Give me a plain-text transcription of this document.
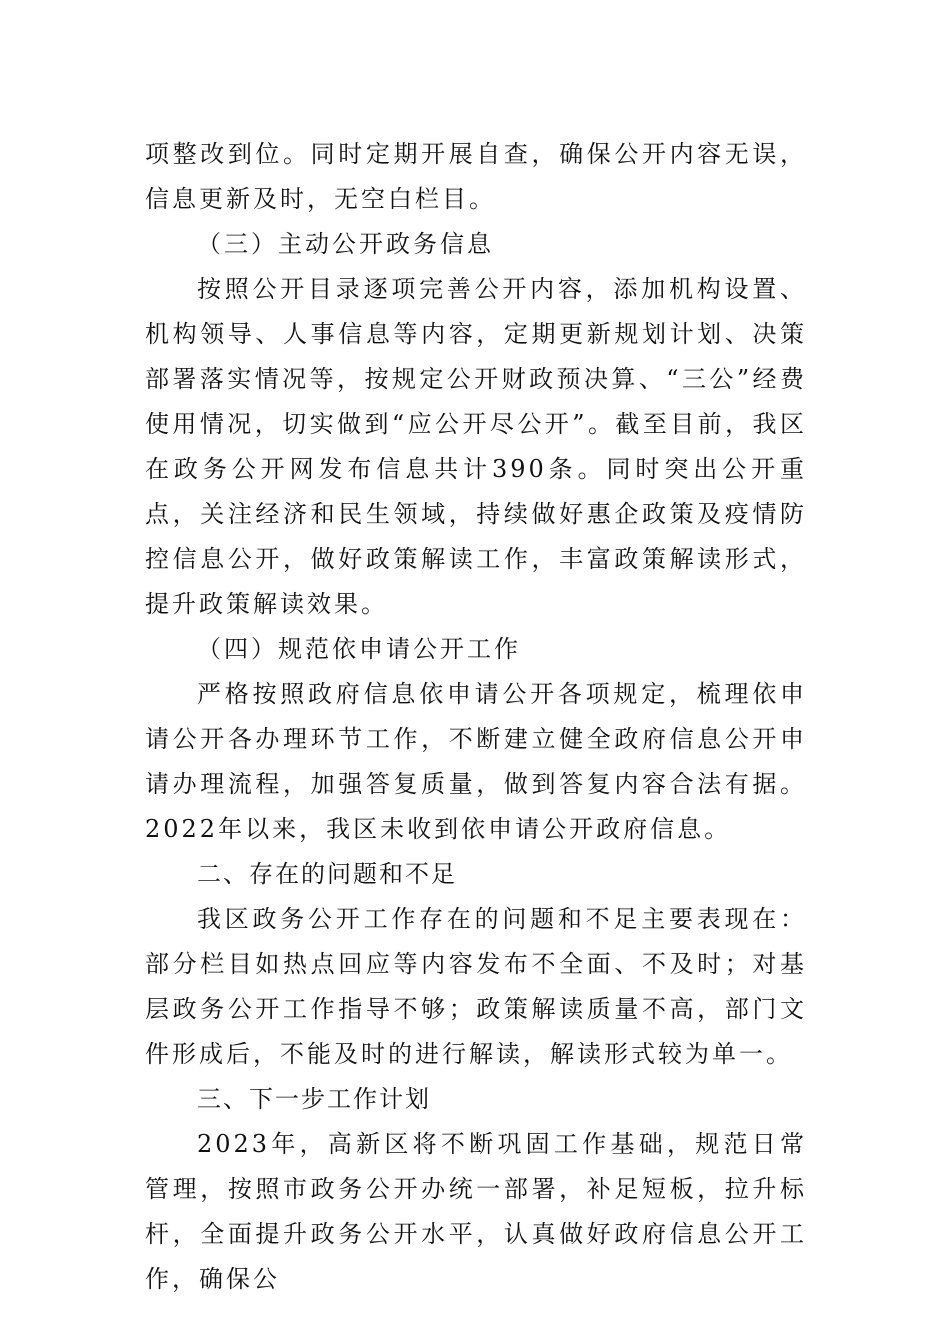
项整改到位。同时定期开展自查，确保公开内容无误，信息更新及时，无空白栏目。

（三）主动公开政务信息

按照公开目录逐项完善公开内容，添加机构设置、机构领导、人事信息等内容，定期更新规划计划、决策部署落实情况等，按规定公开财政预决算、“三公”经费使用情况，切实做到“应公开尽公开”。截至目前，我区在政务公开网发布信息共计390条。同时突出公开重点，关注经济和民生领域，持续做好惠企政策及疫情防控信息公开，做好政策解读工作，丰富政策解读形式，提升政策解读效果。

（四）规范依申请公开工作

严格按照政府信息依申请公开各项规定，梳理依申请公开各办理环节工作，不断建立健全政府信息公开申请办理流程，加强答复质量，做到答复内容合法有据。2022年以来，我区未收到依申请公开政府信息。

二、存在的问题和不足

我区政务公开工作存在的问题和不足主要表现在：部分栏目如热点回应等内容发布不全面、不及时；对基层政务公开工作指导不够；政策解读质量不高，部门文件形成后，不能及时的进行解读，解读形式较为单一。

三、下一步工作计划

2023年，高新区将不断巩固工作基础，规范日常管理，按照市政务公开办统一部署，补足短板，拉升标杆，全面提升政务公开水平，认真做好政府信息公开工作，确保公
